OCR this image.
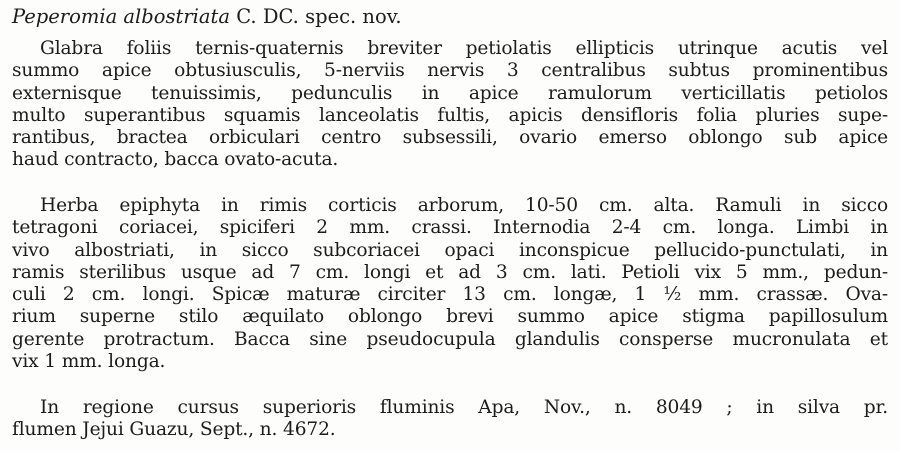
Peperomia albostriata C. DC. spec. nov.
Glabra foliis ternis-quaternis breviter petiolatis ellipticis utrinque acutis vel
summo apice obtusiusculis, 5-nerviis nervis 3 centralibus subtus prominentibus
externisque tenuissimis, pedunculis in apice ramulorum verticillatis petiolos
multo superantibus squamis lanceolatis fultis, apicis densifloris folia pluries supe-
rantibus, bractea orbiculari centro subsessili, ovario emerso oblongo sub apice
haud contracto, bacca ovato-acuta.
Herba epiphyta in rimis corticis arborum, 10-50 cm. alta. Ramuli in sicco
tetragoni coriacei, spiciferi 2 mm. crassi. Internodia 2-4 cm. longa. Limbi in
vivo albostriati, in sicco subcoriacei opaci inconspicue pellucido-punctulati, in
ramis sterilibus usque ad 7 cm. longi et ad 3 cm. lati. Petioli vix 5 mm., pedun-
culi 2 cm. longi. Spicæ maturæ circiter 13 cm. longæ, 1 ½ mm. crassæ. Ova-
rium superne stilo æquilato oblongo brevi summo apice stigma papillosulum
gerente protractum. Bacca sine pseudocupula glandulis consperse mucronulata et
vix 1 mm. longa.
In regione cursus superioris fluminis Apa, Nov., n. 8049 ; in silva pr.
flumen Jejui Guazu, Sept., n. 4672.
